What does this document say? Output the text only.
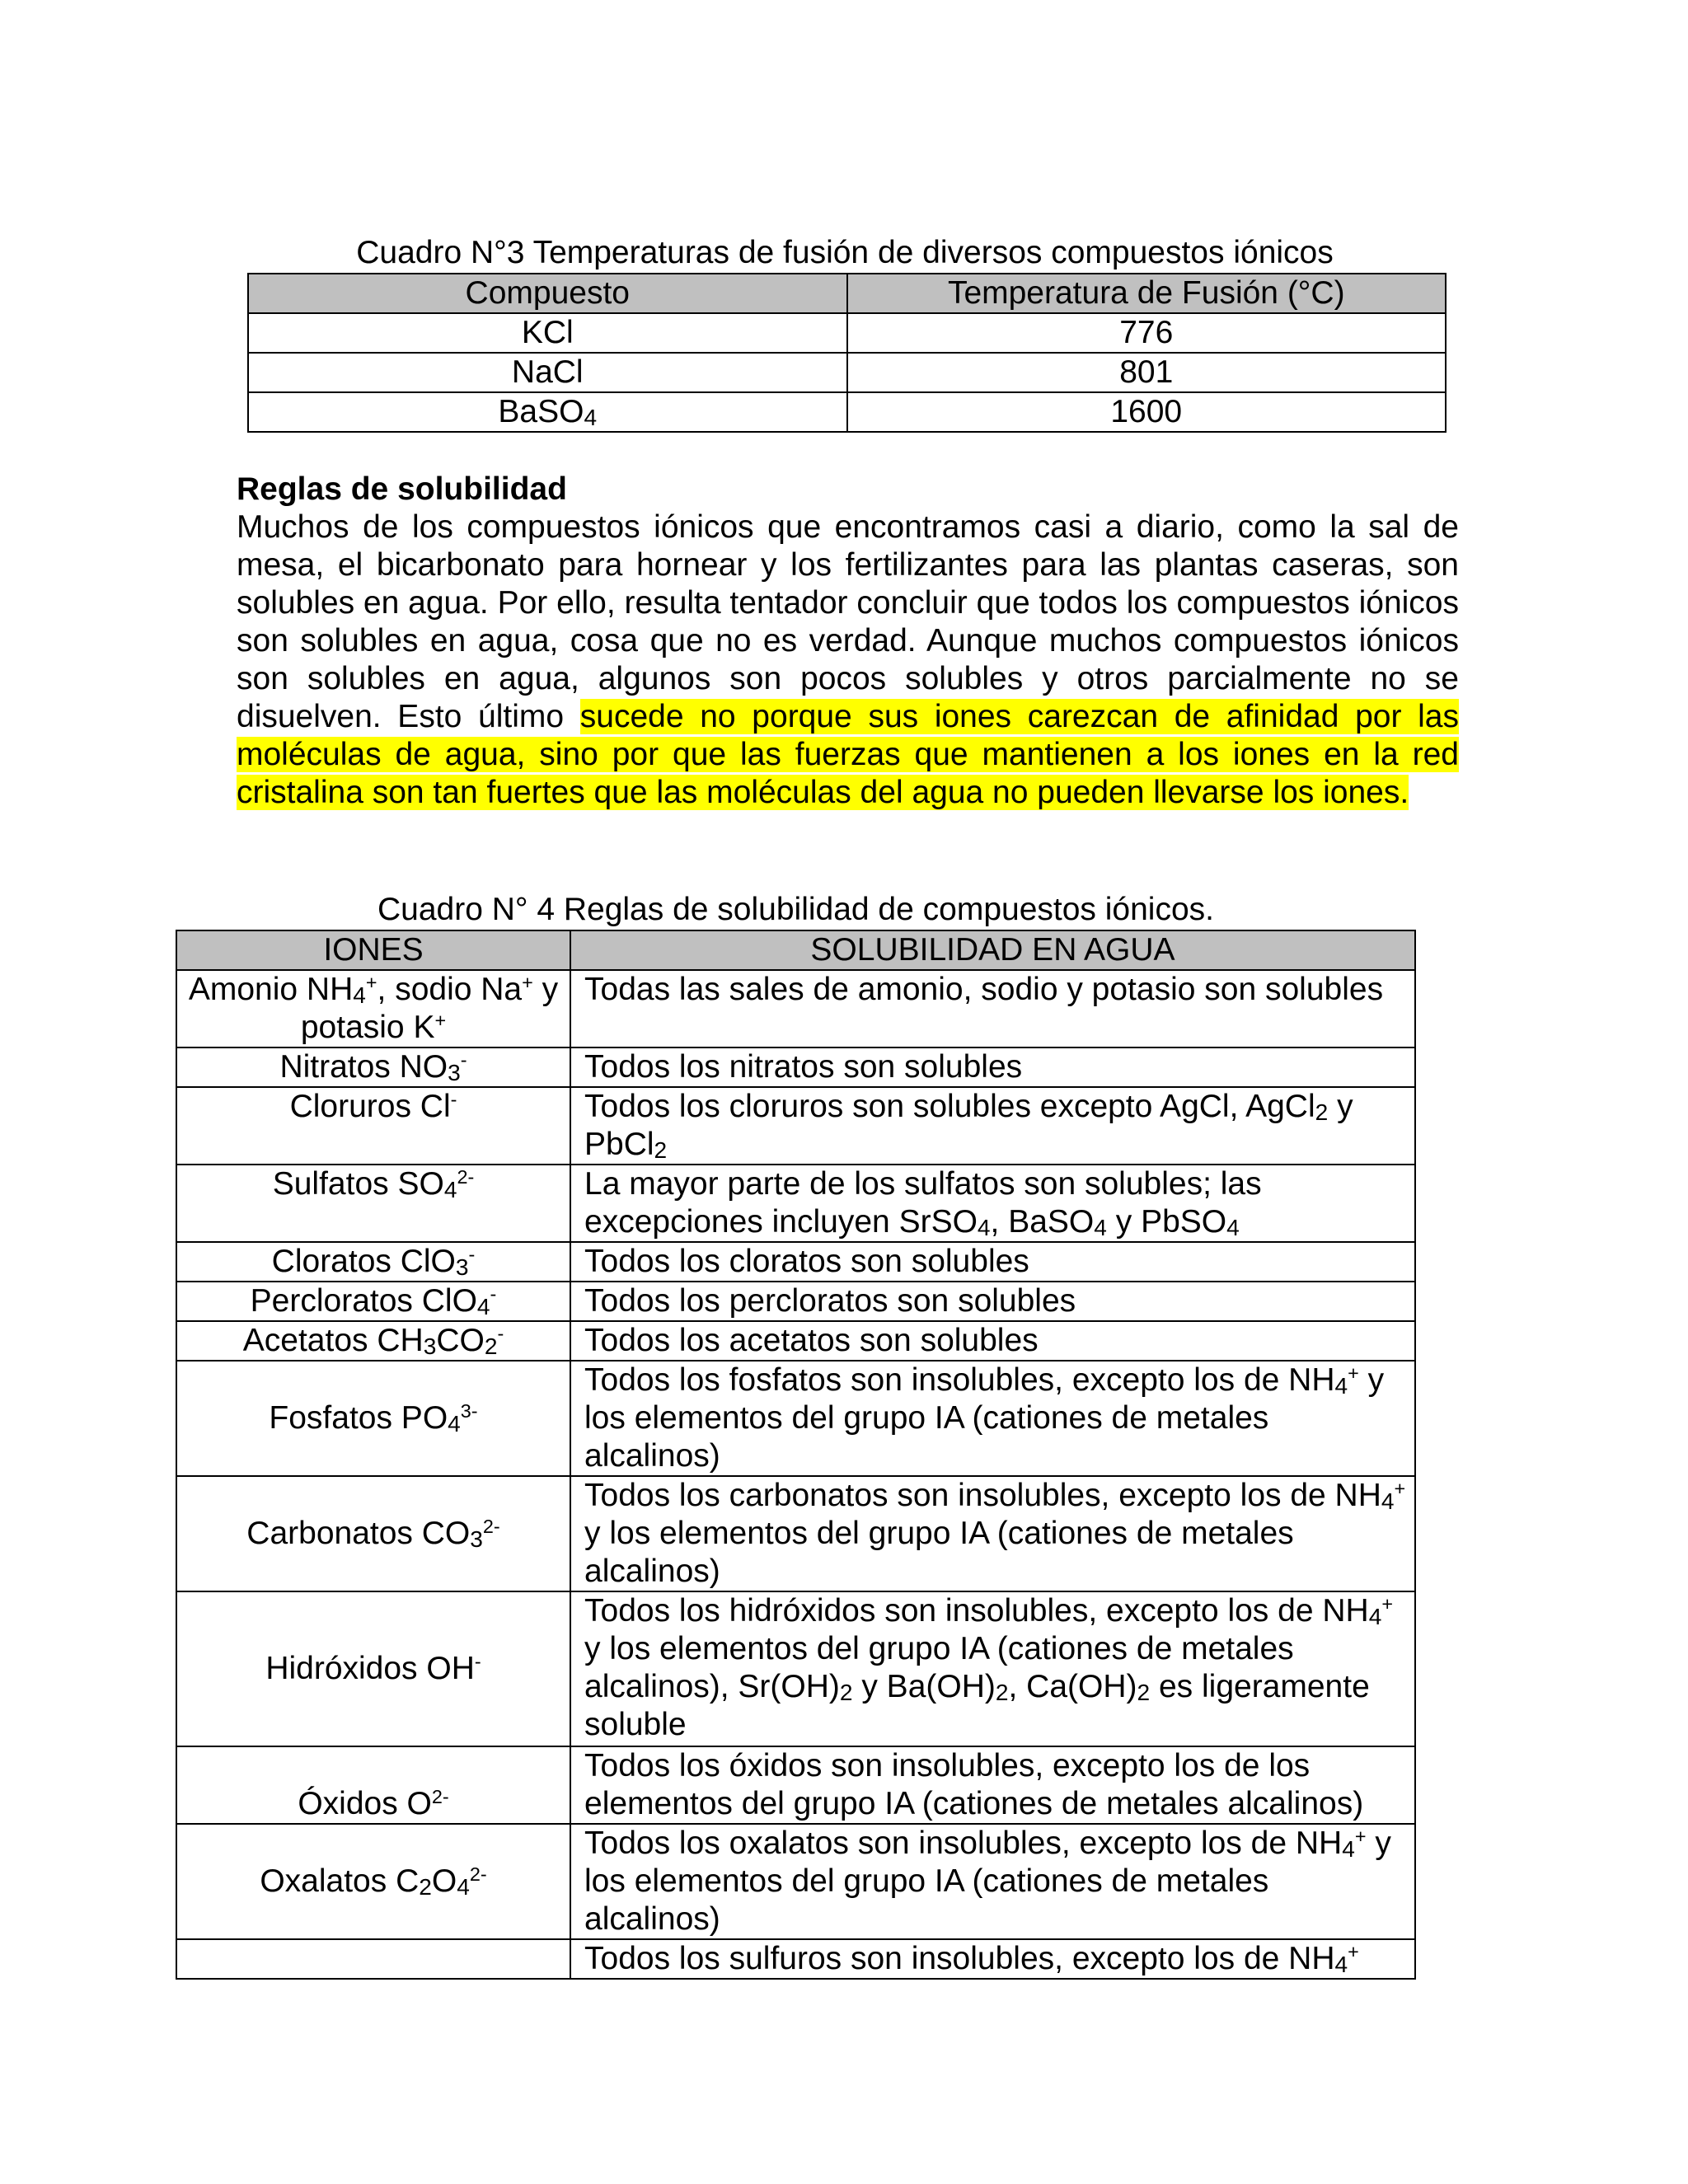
Cuadro N°3 Temperaturas de fusión de diversos compuestos iónicos
Compuesto	Temperatura de Fusión (°C)
KCl	776
NaCl	801
BaSO$_4$	1600
Reglas de solubilidad
Muchos de los compuestos iónicos que encontramos casi a diario, como la sal de mesa, el bicarbonato para hornear y los fertilizantes para las plantas caseras, son solubles en agua. Por ello, resulta tentador concluir que todos los compuestos iónicos son solubles en agua, cosa que no es verdad. Aunque muchos compuestos iónicos son solubles en agua, algunos son pocos solubles y otros parcialmente no se disuelven. Esto último sucede no porque sus iones carezcan de afinidad por las moléculas de agua, sino por que las fuerzas que mantienen a los iones en la red cristalina son tan fuertes que las moléculas del agua no pueden llevarse los iones.
Cuadro N° 4 Reglas de solubilidad de compuestos iónicos.
IONES	SOLUBILIDAD EN AGUA
Amonio $NH_4^+$, sodio Na+ y potasio K+	Todas las sales de amonio, sodio y potasio son solubles
Nitratos $NO_3^-$	Todos los nitratos son solubles
Cloruros Cl-	Todos los cloruros son solubles excepto AgCl, AgCl$_2$ y PbCl$_2$
Sulfatos $SO_4^{2-}$	La mayor parte de los sulfatos son solubles; las excepciones incluyen SrSO$_4$, BaSO$_4$ y PbSO$_4$
Cloratos ClO$_3$-	Todos los cloratos son solubles
Percloratos ClO$_4$-	Todos los percloratos son solubles
Acetatos $CH_3CO_2^-$	Todos los acetatos son solubles
Fosfatos $PO_4^{3-}$	Todos los fosfatos son insolubles, excepto los de $NH_4^+$ y los elementos del grupo IA (cationes de metales alcalinos)
Carbonatos $CO_3^{2-}$	Todos los carbonatos son insolubles, excepto los de $NH_4^+$ y los elementos del grupo IA (cationes de metales alcalinos)
Hidróxidos OH-	Todos los hidróxidos son insolubles, excepto los de $NH_4^+$ y los elementos del grupo IA (cationes de metales alcalinos), $Sr(OH)_2$ y $Ba(OH)_2$, $Ca(OH)_2$ es ligeramente soluble
Óxidos $O^{2-}$	Todos los óxidos son insolubles, excepto los de los elementos del grupo IA (cationes de metales alcalinos)
Oxalatos $C_2O_4^{2-}$	Todos los oxalatos son insolubles, excepto los de $NH_4^+$ y los elementos del grupo IA (cationes de metales alcalinos)
	Todos los sulfuros son insolubles, excepto los de $NH_4^+$
